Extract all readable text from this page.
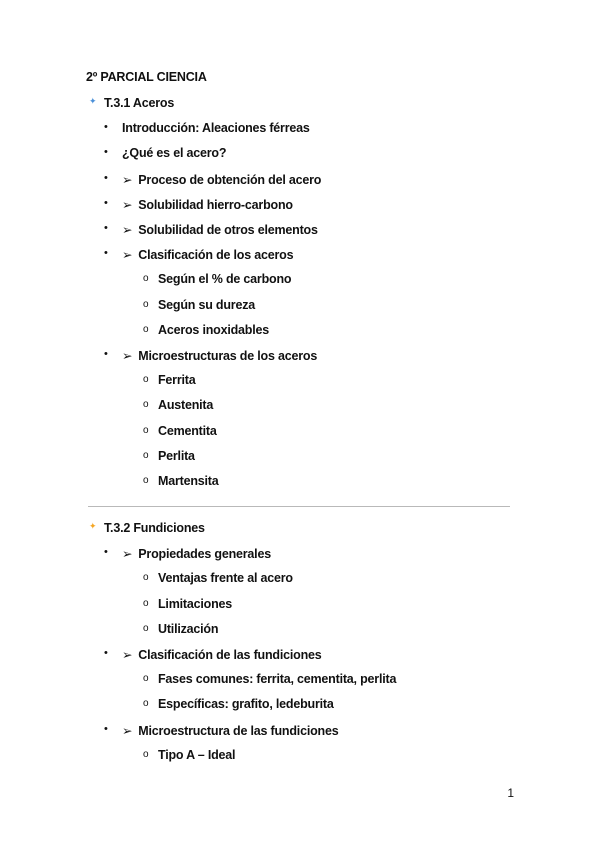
2º PARCIAL CIENCIA
✦ T.3.1 Aceros
• Introducción: Aleaciones férreas
• ¿Qué es el acero?
• ➢ Proceso de obtención del acero
• ➢ Solubilidad hierro-carbono
• ➢ Solubilidad de otros elementos
• ➢ Clasificación de los aceros
o Según el % de carbono
o Según su dureza
o Aceros inoxidables
• ➢ Microestructuras de los aceros
o Ferrita
o Austenita
o Cementita
o Perlita
o Martensita
✦ T.3.2 Fundiciones
• ➢ Propiedades generales
o Ventajas frente al acero
o Limitaciones
o Utilización
• ➢ Clasificación de las fundiciones
o Fases comunes: ferrita, cementita, perlita
o Específicas: grafito, ledeburita
• ➢ Microestructura de las fundiciones
o Tipo A – Ideal
1
